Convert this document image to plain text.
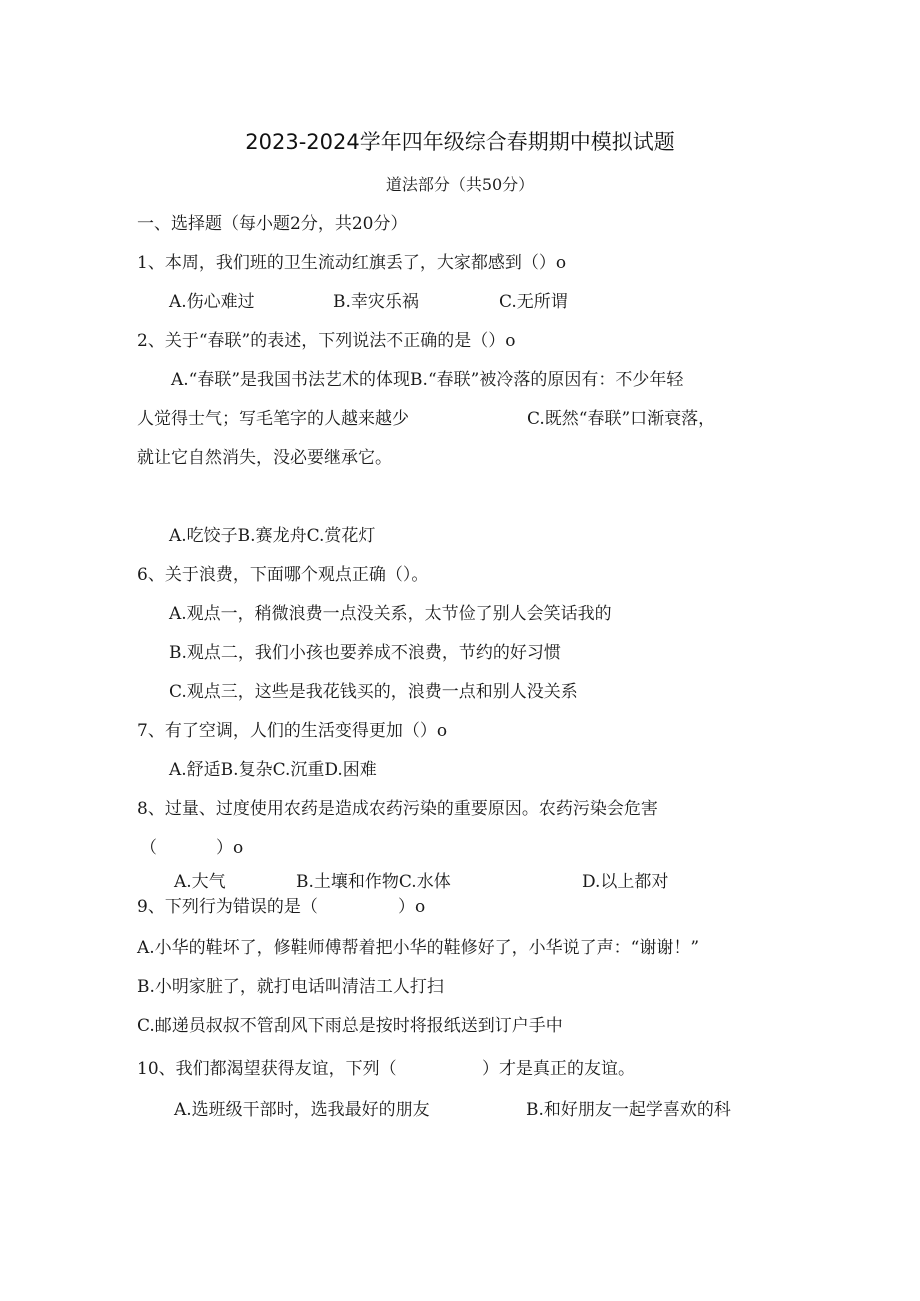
2023-2024学年四年级综合春期期中模拟试题
道法部分（共50分）
一、选择题（每小题2分，共20分）
1、本周，我们班的卫生流动红旗丢了，大家都感到（）o
A.伤心难过	B.幸灾乐祸	C.无所谓
2、关于“春联”的表述，下列说法不正确的是（）o
A.“春联”是我国书法艺术的体现B.“春联”被冷落的原因有：不少年轻
人觉得士气；写毛笔字的人越来越少	C.既然“春联”口渐衰落，
就让它自然消失，没必要继承它。
A.吃饺子B.赛龙舟C.赏花灯
6、关于浪费，下面哪个观点正确（）。
A.观点一，稍微浪费一点没关系，太节俭了别人会笑话我的
B.观点二，我们小孩也要养成不浪费，节约的好习惯
C.观点三，这些是我花钱买的，浪费一点和别人没关系
7、有了空调，人们的生活变得更加（）o
A.舒适B.复杂C.沉重D.困难
8、过量、过度使用农药是造成农药污染的重要原因。农药污染会危害
（	）o
A.大气	B.土壤和作物C.水体	D.以上都对
9、下列行为错误的是（	）o
A.小华的鞋坏了，修鞋师傅帮着把小华的鞋修好了，小华说了声：“谢谢！”
B.小明家脏了，就打电话叫清洁工人打扫
C.邮递员叔叔不管刮风下雨总是按时将报纸送到订户手中
10、我们都渴望获得友谊，下列（	）才是真正的友谊。
A.选班级干部时，选我最好的朋友	B.和好朋友一起学喜欢的科
